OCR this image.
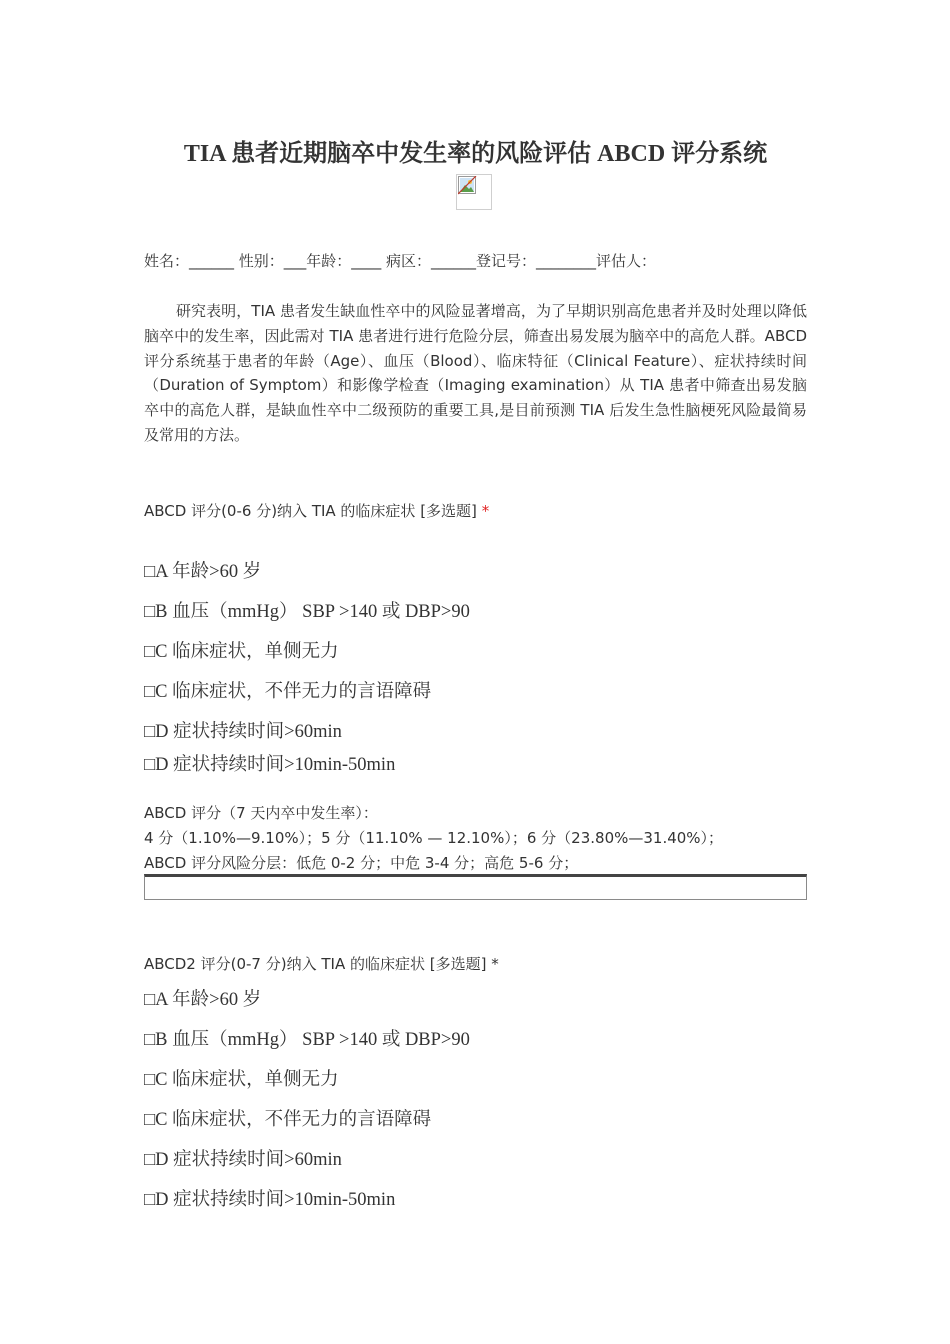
TIA 患者近期脑卒中发生率的风险评估 ABCD 评分系统
姓名：______ 性别：___年龄：____ 病区：______登记号：________评估人：

研究表明，TIA 患者发生缺血性卒中的风险显著增高，为了早期识别高危患者并及时处理以降低脑卒中的发生率，因此需对 TIA 患者进行进行危险分层，筛查出易发展为脑卒中的高危人群。ABCD 评分系统基于患者的年龄（Age）、血压（Blood）、临床特征（Clinical Feature）、症状持续时间（Duration of Symptom）和影像学检查（Imaging examination）从 TIA 患者中筛查出易发脑卒中的高危人群，是缺血性卒中二级预防的重要工具,是目前预测 TIA 后发生急性脑梗死风险最简易及常用的方法。

ABCD 评分(0-6 分)纳入 TIA 的临床症状 [多选题] *
□A 年龄>60 岁
□B 血压（mmHg） SBP >140 或 DBP>90
□C 临床症状，单侧无力
□C 临床症状，不伴无力的言语障碍
□D 症状持续时间>60min
□D 症状持续时间>10min-50min
ABCD 评分（7 天内卒中发生率）：
4 分（1.10%—9.10%）；5 分（11.10% — 12.10%）；6 分（23.80%—31.40%）；
ABCD 评分风险分层：低危 0-2 分；中危 3-4 分；高危 5-6 分；
ABCD2 评分(0-7 分)纳入 TIA 的临床症状 [多选题] *
□A 年龄>60 岁
□B 血压（mmHg） SBP >140 或 DBP>90
□C 临床症状，单侧无力
□C 临床症状，不伴无力的言语障碍
□D 症状持续时间>60min
□D 症状持续时间>10min-50min
